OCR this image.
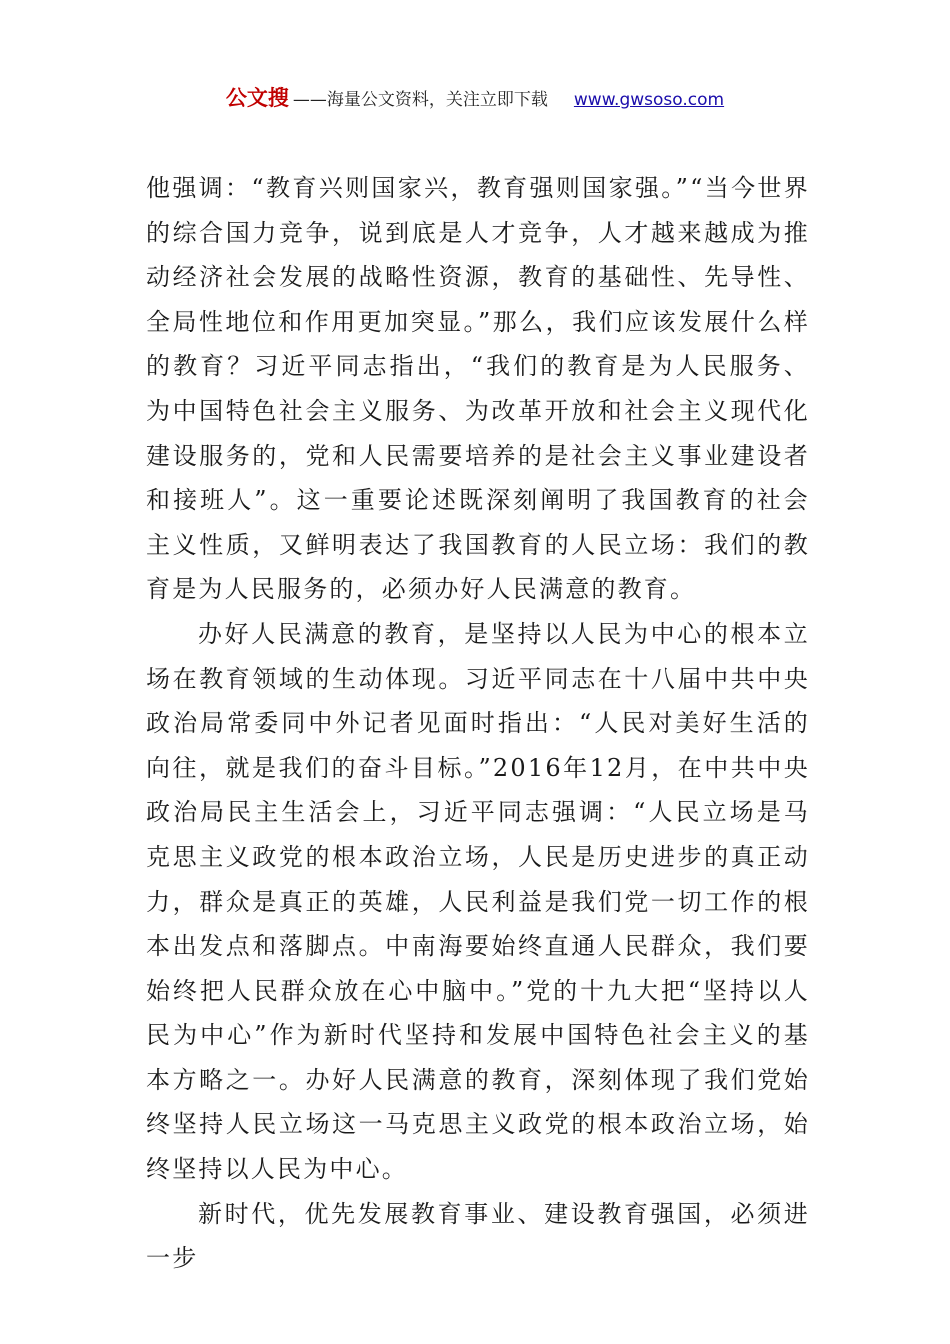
公文搜 ——海量公文资料，关注立即下载 www.gwsoso.com

他强调：“教育兴则国家兴，教育强则国家强。”“当今世界的综合国力竞争，说到底是人才竞争，人才越来越成为推动经济社会发展的战略性资源，教育的基础性、先导性、全局性地位和作用更加突显。”那么，我们应该发展什么样的教育？习近平同志指出，“我们的教育是为人民服务、为中国特色社会主义服务、为改革开放和社会主义现代化建设服务的，党和人民需要培养的是社会主义事业建设者和接班人”。这一重要论述既深刻阐明了我国教育的社会主义性质，又鲜明表达了我国教育的人民立场：我们的教育是为人民服务的，必须办好人民满意的教育。

办好人民满意的教育，是坚持以人民为中心的根本立场在教育领域的生动体现。习近平同志在十八届中共中央政治局常委同中外记者见面时指出：“人民对美好生活的向往，就是我们的奋斗目标。”2016年12月，在中共中央政治局民主生活会上，习近平同志强调：“人民立场是马克思主义政党的根本政治立场，人民是历史进步的真正动力，群众是真正的英雄，人民利益是我们党一切工作的根本出发点和落脚点。中南海要始终直通人民群众，我们要始终把人民群众放在心中脑中。”党的十九大把“坚持以人民为中心”作为新时代坚持和发展中国特色社会主义的基本方略之一。办好人民满意的教育，深刻体现了我们党始终坚持人民立场这一马克思主义政党的根本政治立场，始终坚持以人民为中心。

新时代，优先发展教育事业、建设教育强国，必须进一步
